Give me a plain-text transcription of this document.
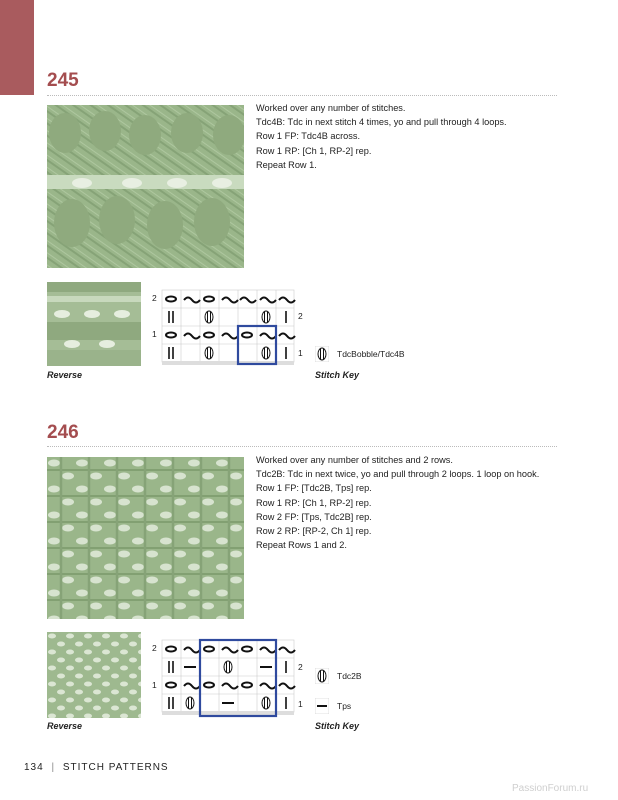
245
Worked over any number of stitches.
Tdc4B: Tdc in next stitch 4 times, yo and pull through 4 loops.
Row 1 FP: Tdc4B across.
Row 1 RP: [Ch 1, RP-2] rep.
Repeat Row 1.
Reverse
2
1
2
1	TdcBobble/Tdc4B
Stitch Key
246
Worked over any number of stitches and 2 rows.
Tdc2B: Tdc in next twice, yo and pull through 2 loops. 1 loop on hook.
Row 1 FP: [Tdc2B, Tps] rep.
Row 1 RP: [Ch 1, RP-2] rep.
Row 2 FP: [Tps, Tdc2B] rep.
Row 2 RP: [RP-2, Ch 1] rep.
Repeat Rows 1 and 2.
Reverse
2
1
2
1
Tdc2B
Tps
Stitch Key
134 | STITCH PATTERNS
PassionForum.ru
